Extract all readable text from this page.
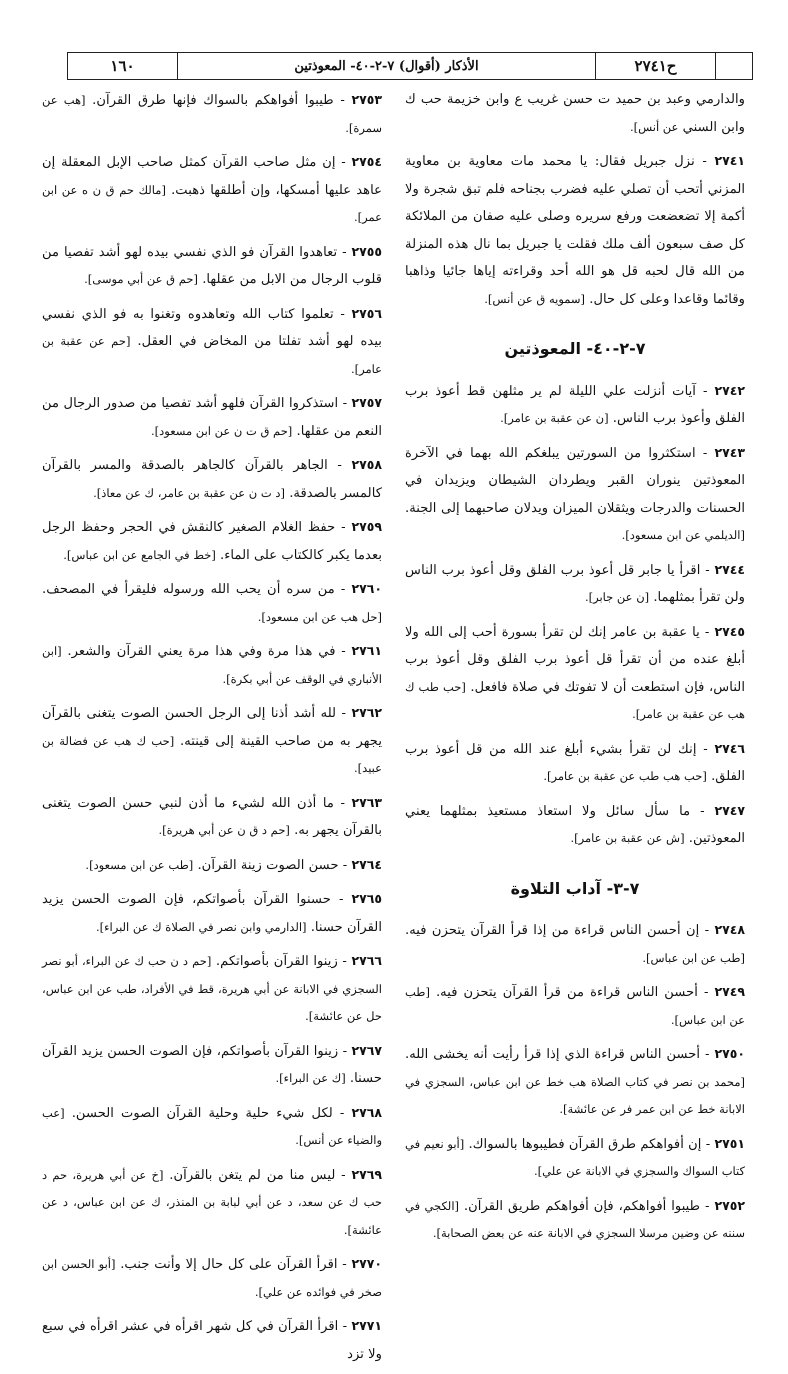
١٦٠	الأذكار (أقوال) ٧-٢-٤٠- المعوذتين	ح٢٧٤١
والدارمي وعبد بن حميد ت حسن غريب ع وابن خزيمة حب ك وابن السني عن أنس].
٢٧٤١ - نزل جبريل فقال: يا محمد مات معاوية بن معاوية المزني أتحب أن تصلي عليه فضرب بجناحه فلم تبق شجرة ولا أكمة إلا تضعضعت ورفع سريره وصلى عليه صفان من الملائكة كل صف سبعون ألف ملك فقلت يا جبريل بما نال هذه المنزلة من الله قال لحبه قل هو الله أحد وقراءته إياها جائيا وذاهبا وقائما وقاعدا وعلى كل حال. [سمويه ق عن أنس].
٧-٢-٤٠- المعوذتين
٢٧٤٢ - آيات أنزلت علي الليلة لم ير مثلهن قط أعوذ برب الفلق وأعوذ برب الناس. [ن عن عقبة بن عامر].
٢٧٤٣ - استكثروا من السورتين يبلغكم الله بهما في الآخرة المعوذتين ينوران القبر ويطردان الشيطان ويزيدان في الحسنات والدرجات ويثقلان الميزان ويدلان صاحبهما إلى الجنة. [الديلمي عن ابن مسعود].
٢٧٤٤ - اقرأ يا جابر قل أعوذ برب الفلق وقل أعوذ برب الناس ولن تقرأ بمثلهما. [ن عن جابر].
٢٧٤٥ - يا عقبة بن عامر إنك لن تقرأ بسورة أحب إلى الله ولا أبلغ عنده من أن تقرأ قل أعوذ برب الفلق وقل أعوذ برب الناس، فإن استطعت أن لا تفوتك في صلاة فافعل. [حب طب ك هب عن عقبة بن عامر].
٢٧٤٦ - إنك لن تقرأ بشيء أبلغ عند الله من قل أعوذ برب الفلق. [حب هب طب عن عقبة بن عامر].
٢٧٤٧ - ما سأل سائل ولا استعاذ مستعيذ بمثلهما يعني المعوذتين. [ش عن عقبة بن عامر].
٧-٣- آداب التلاوة
٢٧٤٨ - إن أحسن الناس قراءة من إذا قرأ القرآن يتحزن فيه. [طب عن ابن عباس].
٢٧٤٩ - أحسن الناس قراءة من قرأ القرآن يتحزن فيه. [طب عن ابن عباس].
٢٧٥٠ - أحسن الناس قراءة الذي إذا قرأ رأيت أنه يخشى الله. [محمد بن نصر في كتاب الصلاة هب خط عن ابن عباس، السجزي في الابانة خط عن ابن عمر فر عن عائشة].
٢٧٥١ - إن أفواهكم طرق القرآن فطيبوها بالسواك. [أبو نعيم في كتاب السواك والسجزي في الابانة عن علي].
٢٧٥٢ - طيبوا أفواهكم، فإن أفواهكم طريق القرآن. [الكجي في سننه عن وضين مرسلا السجزي في الابانة عنه عن بعض الصحابة].
٢٧٥٣ - طيبوا أفواهكم بالسواك فإنها طرق القرآن. [هب عن سمرة].
٢٧٥٤ - إن مثل صاحب القرآن كمثل صاحب الإبل المعقلة إن عاهد عليها أمسكها، وإن أطلقها ذهبت. [مالك حم ق ن ه عن ابن عمر].
٢٧٥٥ - تعاهدوا القرآن فو الذي نفسي بيده لهو أشد تفصيا من قلوب الرجال من الابل من عقلها. [حم ق عن أبي موسى].
٢٧٥٦ - تعلموا كتاب الله وتعاهدوه وتغنوا به فو الذي نفسي بيده لهو أشد تفلتا من المخاض في العقل. [حم عن عقبة بن عامر].
٢٧٥٧ - استذكروا القرآن فلهو أشد تفصيا من صدور الرجال من النعم من عقلها. [حم ق ت ن عن ابن مسعود].
٢٧٥٨ - الجاهر بالقرآن كالجاهر بالصدقة والمسر بالقرآن كالمسر بالصدقة. [د ت ن عن عقبة بن عامر، ك عن معاذ].
٢٧٥٩ - حفظ الغلام الصغير كالنقش في الحجر وحفظ الرجل بعدما يكبر كالكتاب على الماء. [خط في الجامع عن ابن عباس].
٢٧٦٠ - من سره أن يحب الله ورسوله فليقرأ في المصحف. [حل هب عن ابن مسعود].
٢٧٦١ - في هذا مرة وفي هذا مرة يعني القرآن والشعر. [ابن الأنباري في الوقف عن أبي بكرة].
٢٧٦٢ - لله أشد أذنا إلى الرجل الحسن الصوت يتغنى بالقرآن يجهر به من صاحب القينة إلى قينته. [حب ك هب عن فضالة بن عبيد].
٢٧٦٣ - ما أذن الله لشيء ما أذن لنبي حسن الصوت يتغنى بالقرآن يجهر به. [حم د ق ن عن أبي هريرة].
٢٧٦٤ - حسن الصوت زينة القرآن. [طب عن ابن مسعود].
٢٧٦٥ - حسنوا القرآن بأصواتكم، فإن الصوت الحسن يزيد القرآن حسنا. [الدارمي وابن نصر في الصلاة ك عن البراء].
٢٧٦٦ - زينوا القرآن بأصواتكم. [حم د ن حب ك عن البراء، أبو نصر السجزي في الابانة عن أبي هريرة، قط في الأفراد، طب عن ابن عباس، حل عن عائشة].
٢٧٦٧ - زينوا القرآن بأصواتكم، فإن الصوت الحسن يزيد القرآن حسنا. [ك عن البراء].
٢٧٦٨ - لكل شيء حلية وحلية القرآن الصوت الحسن. [عب والضياء عن أنس].
٢٧٦٩ - ليس منا من لم يتغن بالقرآن. [خ عن أبي هريرة، حم د حب ك عن سعد، د عن أبي لبابة بن المنذر، ك عن ابن عباس، د عن عائشة].
٢٧٧٠ - اقرأ القرآن على كل حال إلا وأنت جنب. [أبو الحسن ابن صخر في فوائده عن علي].
٢٧٧١ - اقرأ القرآن في كل شهر اقرأه في عشر اقرأه في سبع ولا تزد
